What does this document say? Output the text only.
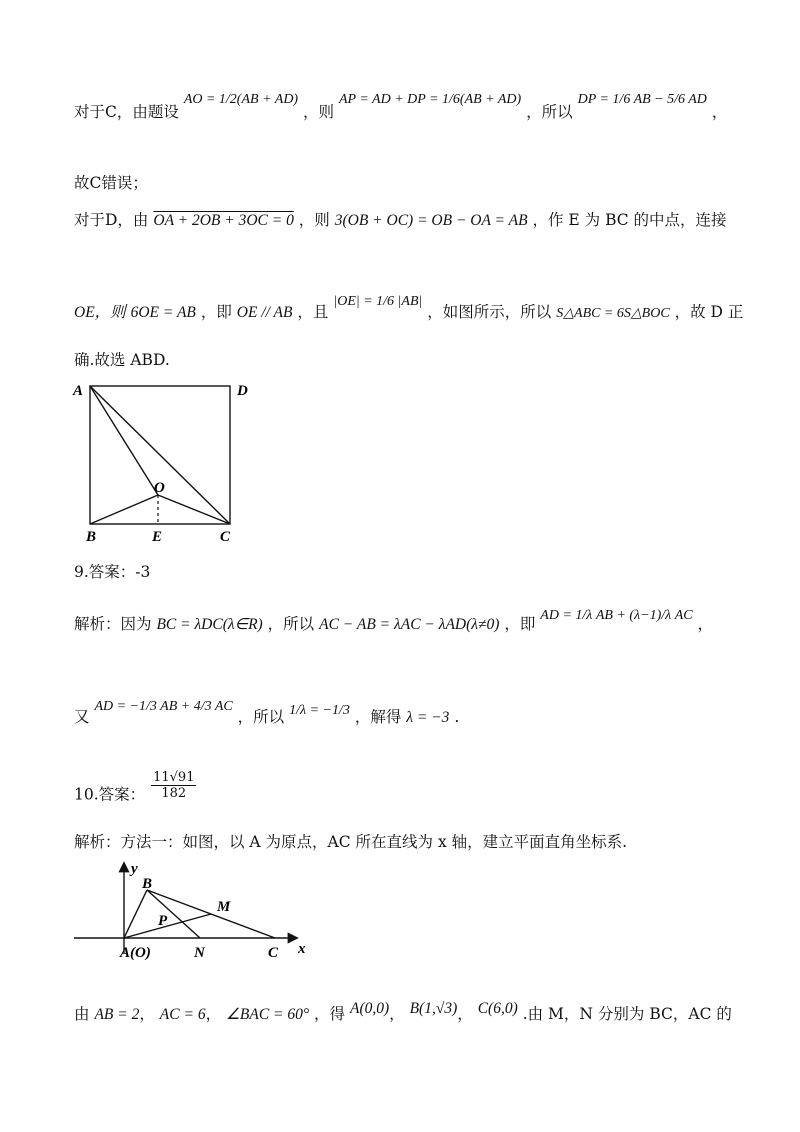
对于C，由题设 AO = 1/2(AB + AD) ，则 AP = AD + DP = 1/6(AB + AD) ，所以 DP = 1/6 AB − 5/6 AD ，
故C错误；
对于D，由 OA + 2OB + 3OC = 0 ，则 3(OB + OC) = OB − OA = AB ，作 E 为 BC 的中点，连接
OE，则 6OE = AB ，即 OE // AB ，且 |OE| = 1/6 |AB| ，如图所示，所以 S△ABC = 6S△BOC ，故 D 正
确.故选 ABD.
A	D
O
B	E	C
9.答案：-3
解析：因为 BC = λDC(λ∈R) ，所以 AC − AB = λAC − λAD(λ≠0) ，即 AD = 1/λ AB + (λ−1)/λ AC ，
又 AD = −1/3 AB + 4/3 AC ，所以 1/λ = −1/3 ，解得 λ = −3 .
10.答案： $\frac{11√91}{182}$
解析：方法一：如图，以 A 为原点，AC 所在直线为 x 轴，建立平面直角坐标系.
y
B
M
P
A(O)	N	C x
由 AB = 2， AC = 6， ∠BAC = 60° ，得 A(0,0)， B(1,√3)， C(6,0) .由 M，N 分别为 BC，AC 的
